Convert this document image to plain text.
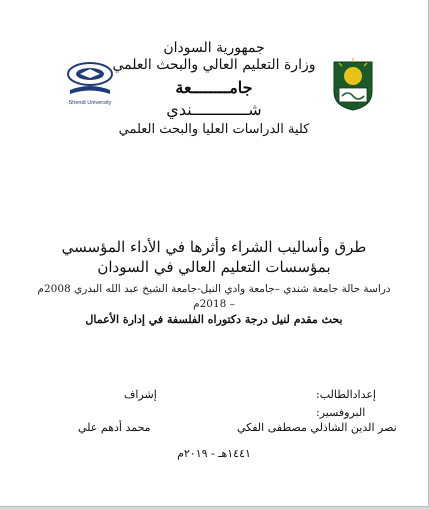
جمهورية السودان
وزارة التعليم العالي والبحث العلمي
جامــــــــعة
شــــــــــــندي
كلية الدراسات العليا والبحث العلمي
Shendi University
طرق وأساليب الشراء وأثرها في الأداء المؤسسي
بمؤسسات التعليم العالي في السودان
دراسة حالة جامعة شندي –جامعة وادي النيل-جامعة الشيخ عبد الله البدري 2008م
– 2018م
بحث مقدم لنيل درجة دكتوراه الفلسفة في إدارة الأعمال
إعدادالطالب:
إشراف
البروفسير:
نصر الدين الشاذلي مصطفى الفكي
محمد أدهم علي
١٤٤١هـ - ٢٠١٩م
